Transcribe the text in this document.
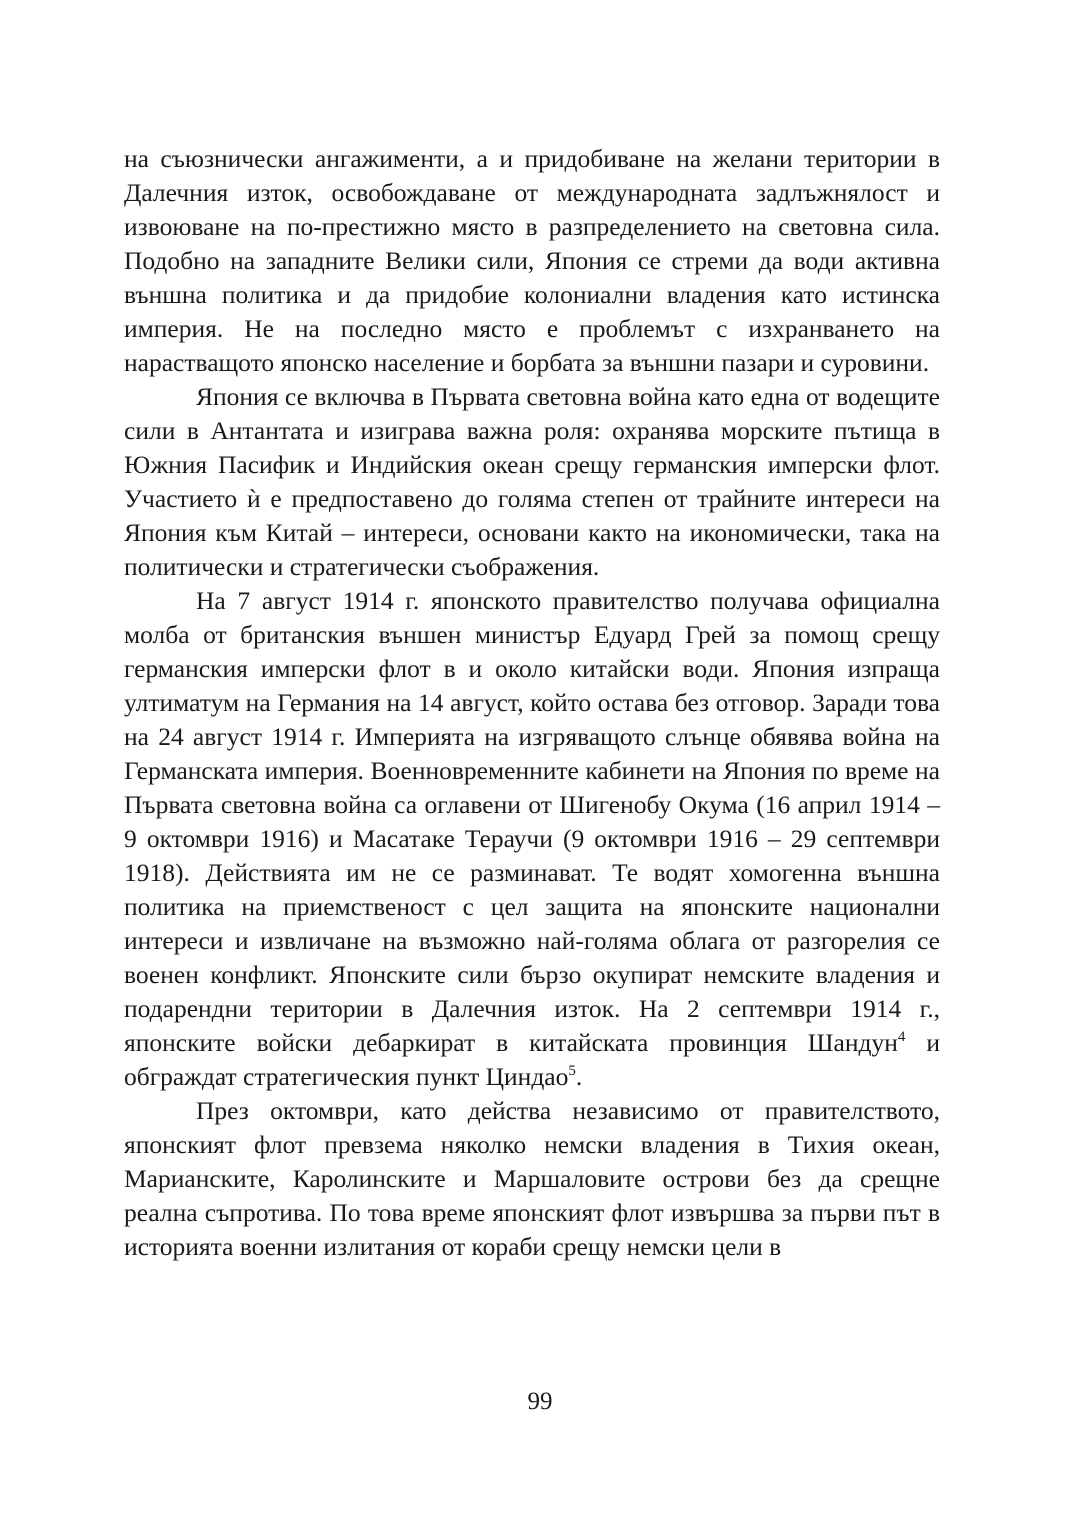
на съюзнически ангажименти, а и придобиване на желани територии в Далечния изток, освобождаване от международната задлъжнялост и извоюване на по-престижно място в разпределението на световна сила. Подобно на западните Велики сили, Япония се стреми да води активна външна политика и да придобие колониални владения като истинска империя. Не на последно място е проблемът с изхранването на нарастващото японско население и борбата за външни пазари и суровини.

Япония се включва в Първата световна война като една от водещите сили в Антантата и изиграва важна роля: охранява морските пътища в Южния Пасифик и Индийския океан срещу германския имперски флот. Участието ѝ е предпоставено до голяма степен от трайните интереси на Япония към Китай – интереси, основани както на икономически, така на политически и стратегически съображения.

На 7 август 1914 г. японското правителство получава официална молба от британския външен министър Едуард Грей за помощ срещу германския имперски флот в и около китайски води. Япония изпраща ултиматум на Германия на 14 август, който остава без отговор. Заради това на 24 август 1914 г. Империята на изгряващото слънце обявява война на Германската империя. Военновременните кабинети на Япония по време на Първата световна война са оглавени от Шигенобу Окума (16 април 1914 – 9 октомври 1916) и Масатаке Тераучи (9 октомври 1916 – 29 септември 1918). Действията им не се разминават. Те водят хомогенна външна политика на приемственост с цел защита на японските национални интереси и извличане на възможно най-голяма облага от разгорелия се военен конфликт. Японските сили бързо окупират немските владения и подарендни територии в Далечния изток. На 2 септември 1914 г., японските войски дебаркират в китайската провинция Шандун$^4$ и обграждат стратегическия пункт Циндао$^5$.

През октомври, като действа независимо от правителството, японският флот превзема няколко немски владения в Тихия океан, Марианските, Каролинските и Маршаловите острови без да срещне реална съпротива. По това време японският флот извършва за първи път в историята военни излитания от кораби срещу немски цели в

99
